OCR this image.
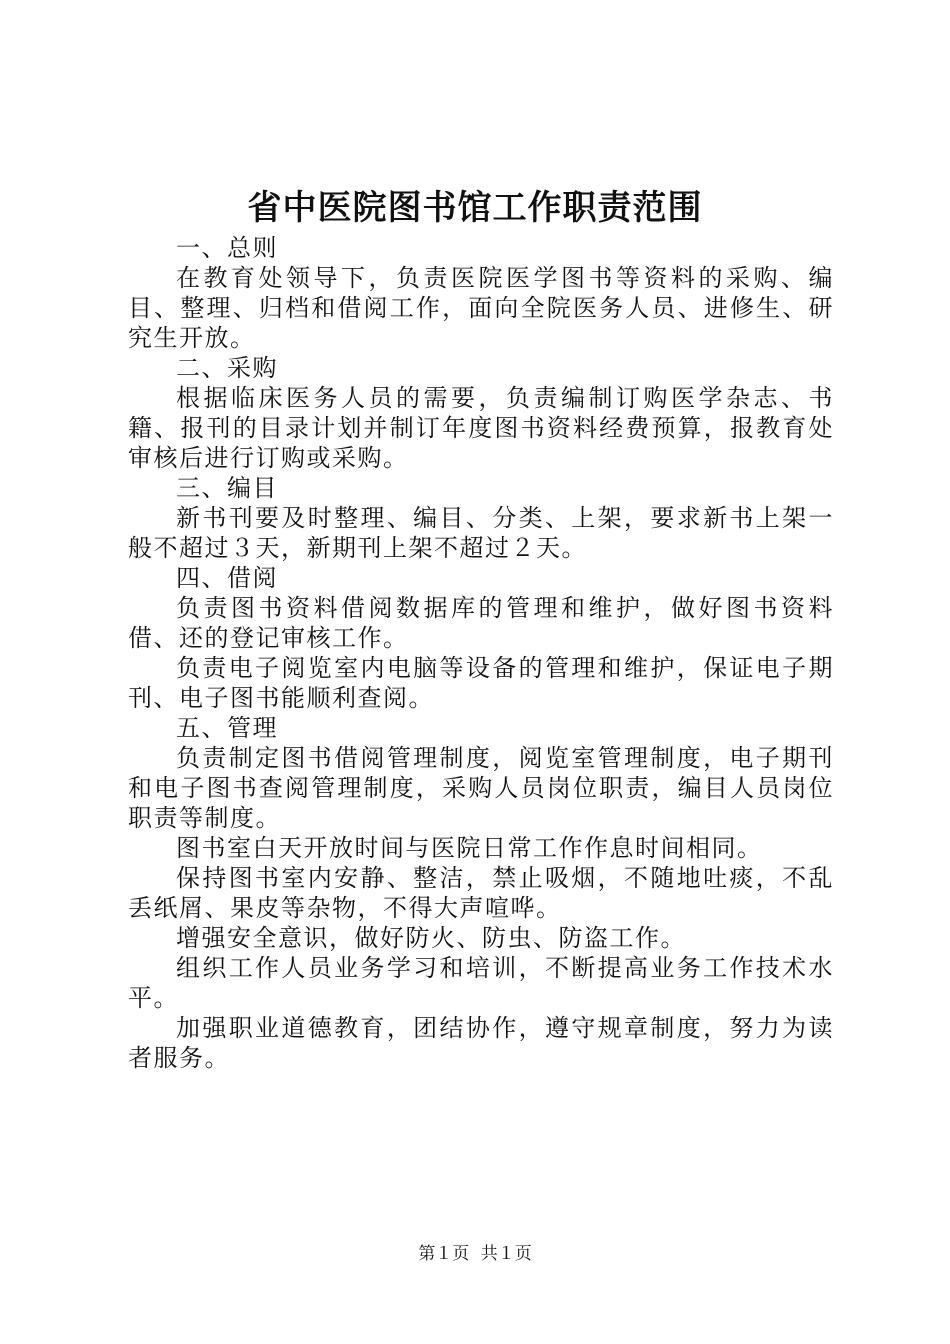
省中医院图书馆工作职责范围

一、总则

在教育处领导下，负责医院医学图书等资料的采购、编目、整理、归档和借阅工作，面向全院医务人员、进修生、研究生开放。

二、采购

根据临床医务人员的需要，负责编制订购医学杂志、书籍、报刊的目录计划并制订年度图书资料经费预算，报教育处审核后进行订购或采购。

三、编目

新书刊要及时整理、编目、分类、上架，要求新书上架一般不超过３天，新期刊上架不超过２天。

四、借阅

负责图书资料借阅数据库的管理和维护，做好图书资料借、还的登记审核工作。

负责电子阅览室内电脑等设备的管理和维护，保证电子期刊、电子图书能顺利查阅。

五、管理

负责制定图书借阅管理制度，阅览室管理制度，电子期刊和电子图书查阅管理制度，采购人员岗位职责，编目人员岗位职责等制度。

图书室白天开放时间与医院日常工作作息时间相同。

保持图书室内安静、整洁，禁止吸烟，不随地吐痰，不乱丢纸屑、果皮等杂物，不得大声喧哗。

增强安全意识，做好防火、防虫、防盗工作。

组织工作人员业务学习和培训，不断提高业务工作技术水平。

加强职业道德教育，团结协作，遵守规章制度，努力为读者服务。

第１页 共１页
